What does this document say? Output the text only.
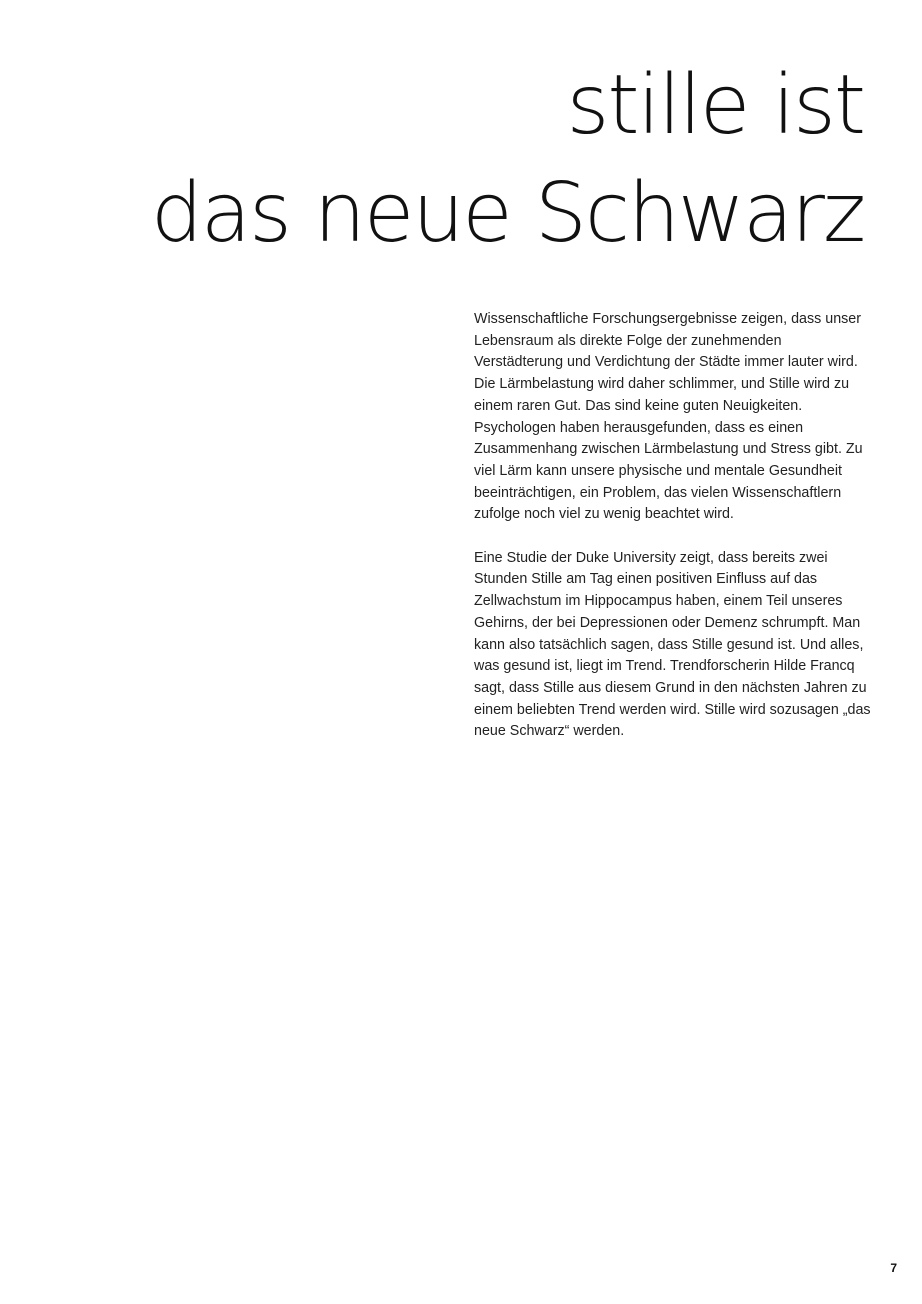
stille ist
das neue Schwarz

Wissenschaftliche Forschungsergebnisse zeigen, dass unser Lebensraum als direkte Folge der zunehmenden Verstädterung und Verdichtung der Städte immer lauter wird. Die Lärmbelastung wird daher schlimmer, und Stille wird zu einem raren Gut. Das sind keine guten Neuigkeiten. Psychologen haben herausgefunden, dass es einen Zusammenhang zwischen Lärmbelastung und Stress gibt. Zu viel Lärm kann unsere physische und mentale Gesundheit beeinträchtigen, ein Problem, das vielen Wissenschaftlern zufolge noch viel zu wenig beachtet wird.

Eine Studie der Duke University zeigt, dass bereits zwei Stunden Stille am Tag einen positiven Einfluss auf das Zellwachstum im Hippocampus haben, einem Teil unseres Gehirns, der bei Depressionen oder Demenz schrumpft. Man kann also tatsächlich sagen, dass Stille gesund ist. Und alles, was gesund ist, liegt im Trend. Trendforscherin Hilde Francq sagt, dass Stille aus diesem Grund in den nächsten Jahren zu einem beliebten Trend werden wird. Stille wird sozusagen „das neue Schwarz“ werden.

7
